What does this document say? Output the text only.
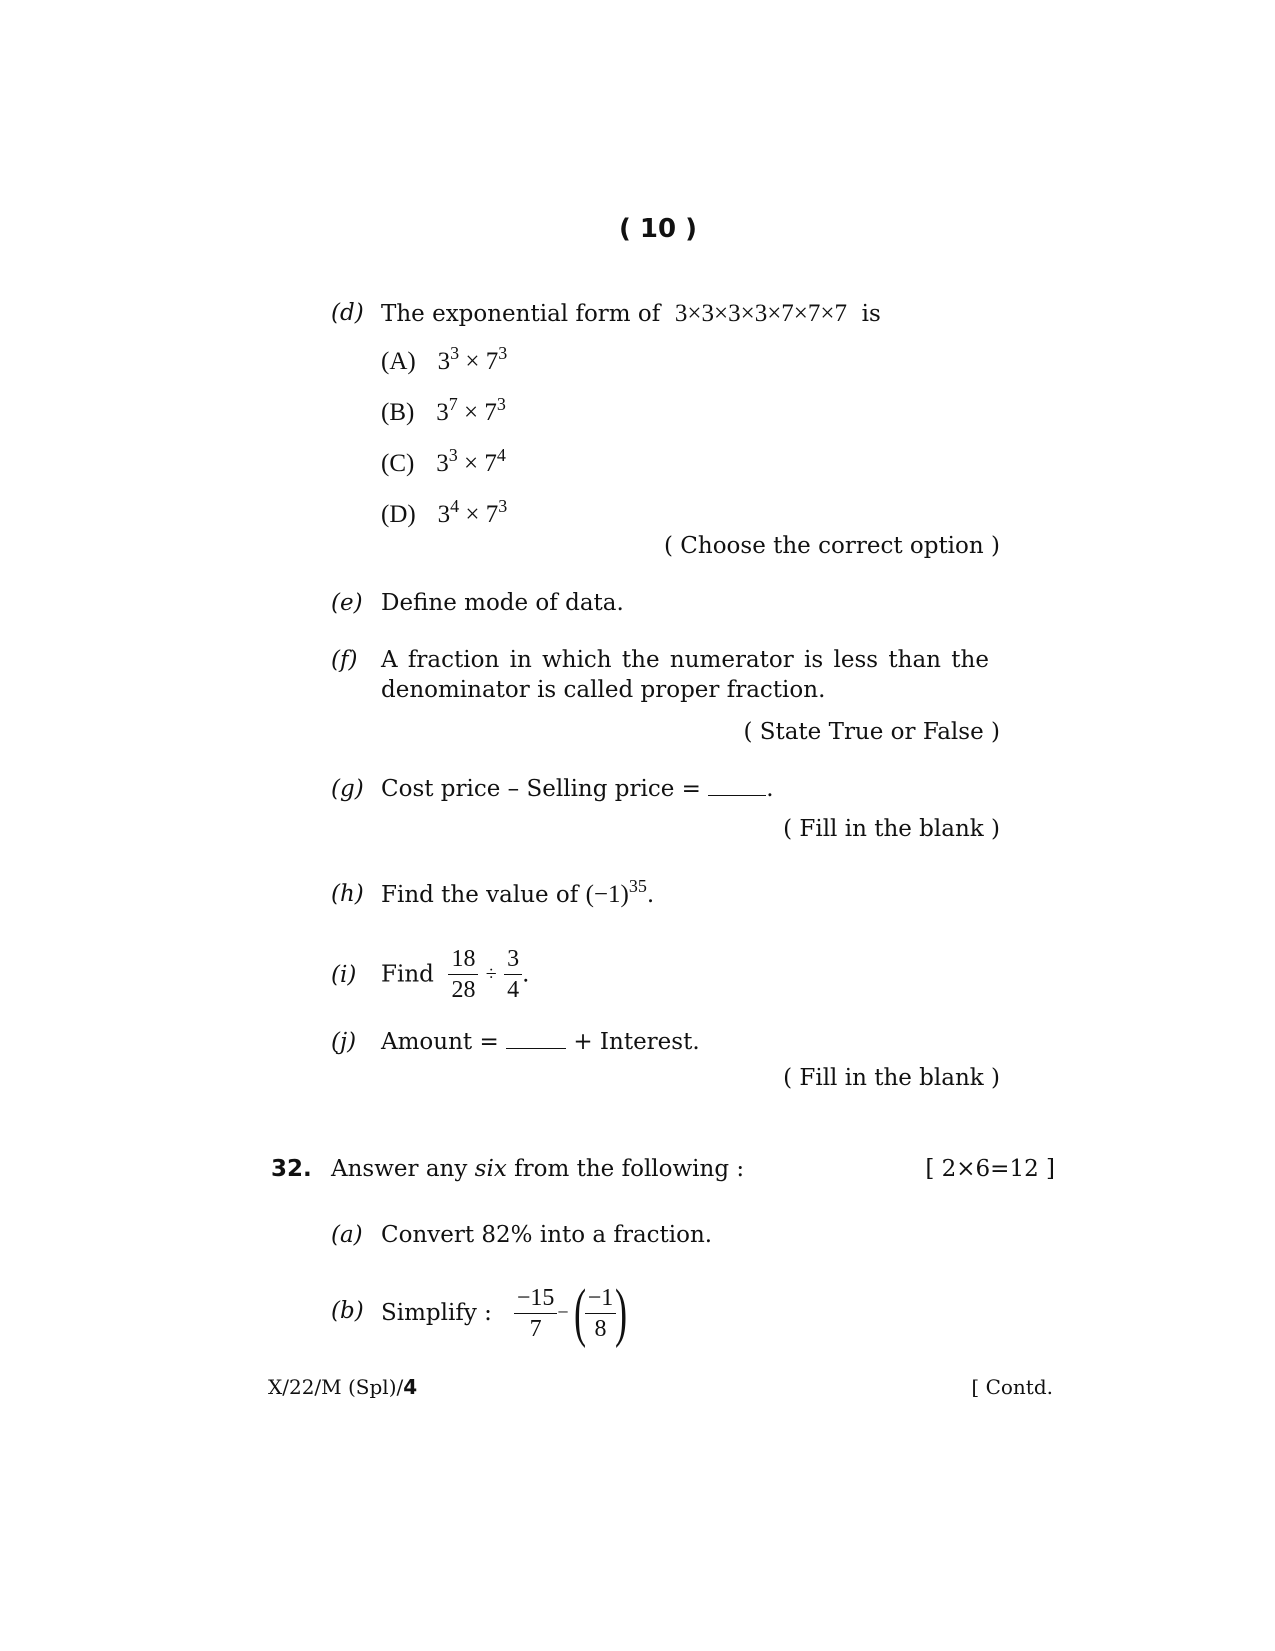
( 10 )
(d) The exponential form of 3×3×3×3×7×7×7 is
(A) $3^3 \times 7^3$
(B) $3^7 \times 7^3$
(C) $3^3 \times 7^4$
(D) $3^4 \times 7^3$
( Choose the correct option )
(e) Define mode of data.
(f) A fraction in which the numerator is less than the
denominator is called proper fraction.
( State True or False )
(g) Cost price – Selling price =	.
( Fill in the blank )
(h) Find the value of $(-1)^{35}$.
(i) Find $\frac{18}{28} \div \frac{3}{4}$ .
(j) Amount =	+ Interest.
( Fill in the blank )
32. Answer any six from the following :	[ 2×6=12 ]
(a) Convert 82% into a fraction.
(b) Simplify : $\frac{-15}{7}$ −(
$\frac{-1}{8}$
)
X/22/M (Spl)/4	[ Contd.
